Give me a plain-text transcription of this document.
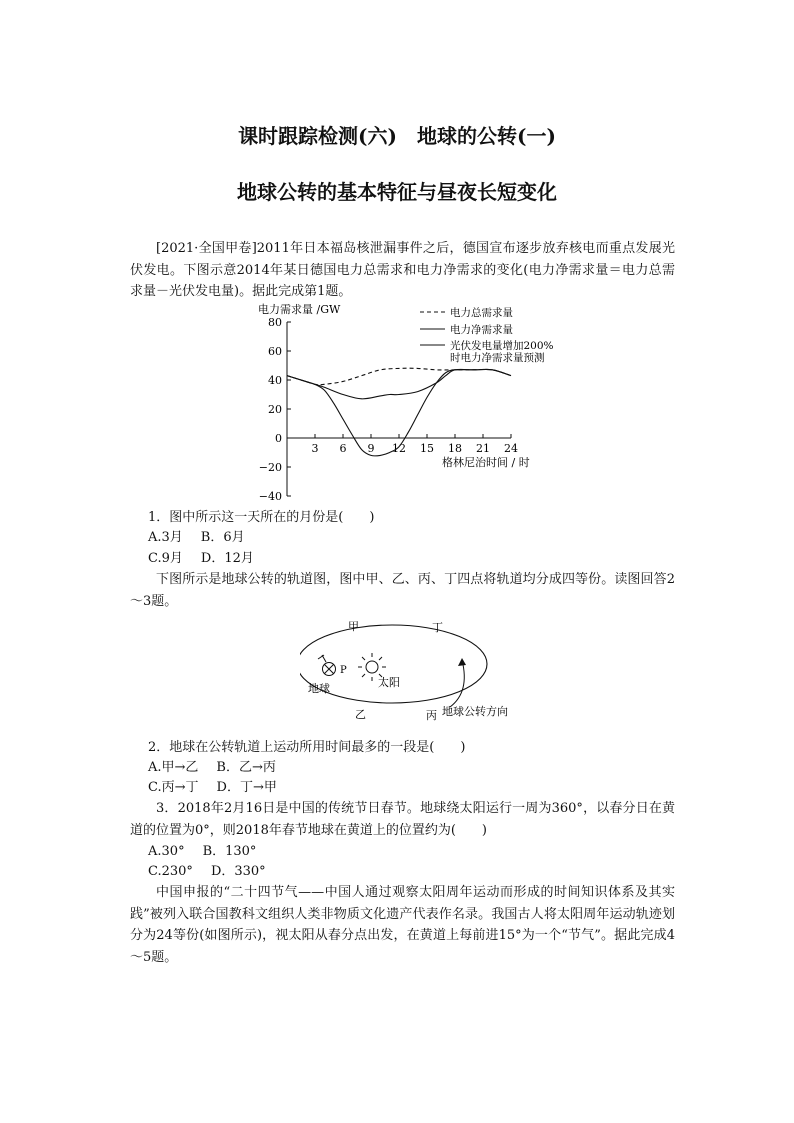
课时跟踪检测(六)　地球的公转(一)
地球公转的基本特征与昼夜长短变化
[2021·全国甲卷]2011年日本福岛核泄漏事件之后，德国宣布逐步放弃核电而重点发展光伏发电。下图示意2014年某日德国电力总需求和电力净需求的变化(电力净需求量＝电力总需求量－光伏发电量)。据此完成第1题。
80
60
40
20
0
−20
−40
3 6 9 12 15 18 21 24
电力总需求量
电力净需求量
光伏发电量增加200%
时电力净需求量预测
电力需求量 /GW
格林尼治时间 / 时
1．图中所示这一天所在的月份是(　　)
A.3月 B．6月
C.9月 D．12月
下图所示是地球公转的轨道图，图中甲、乙、丙、丁四点将轨道均分成四等份。读图回答2～3题。
甲	丁
乙	丙
太阳
P
地球
地球公转方向
2．地球在公转轨道上运动所用时间最多的一段是(　　)
A.甲→乙 B．乙→丙
C.丙→丁 D．丁→甲
3．2018年2月16日是中国的传统节日春节。地球绕太阳运行一周为360°，以春分日在黄道的位置为0°，则2018年春节地球在黄道上的位置约为(　　)
A.30° B．130°
C.230° D．330°
中国申报的“二十四节气——中国人通过观察太阳周年运动而形成的时间知识体系及其实践”被列入联合国教科文组织人类非物质文化遗产代表作名录。我国古人将太阳周年运动轨迹划分为24等份(如图所示)，视太阳从春分点出发，在黄道上每前进15°为一个“节气”。据此完成4～5题。
